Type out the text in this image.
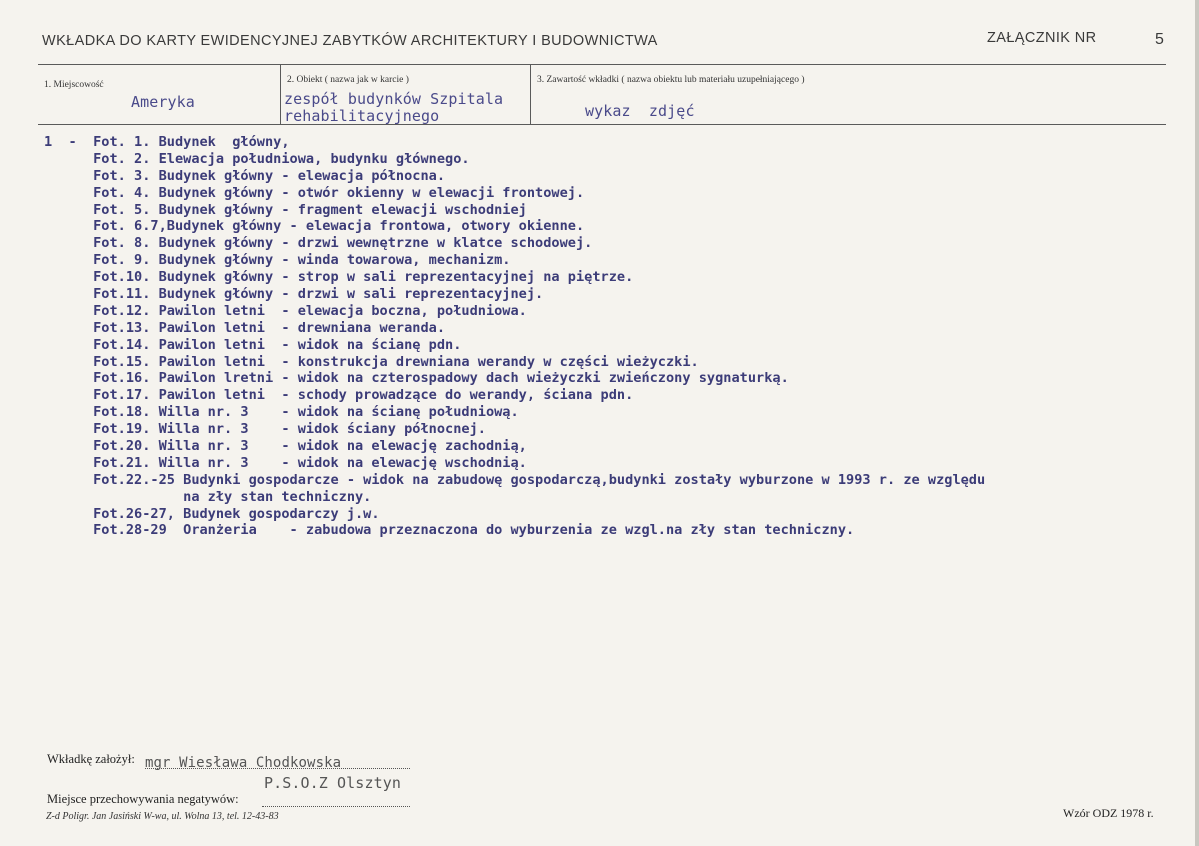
WKŁADKA DO KARTY EWIDENCYJNEJ ZABYTKÓW ARCHITEKTURY I BUDOWNICTWA	ZAŁĄCZNIK NR	5
1. Miejscowość
Ameryka
2. Obiekt ( nazwa jak w karcie )
zespół budynków Szpitala
rehabilitacyjnego
3. Zawartość wkładki ( nazwa obiektu lub materiału uzupełniającego )
wykaz  zdjęć
1  -  Fot. 1. Budynek  główny,
Fot. 2. Elewacja południowa, budynku głównego.
Fot. 3. Budynek główny - elewacja północna.
Fot. 4. Budynek główny - otwór okienny w elewacji frontowej.
Fot. 5. Budynek główny - fragment elewacji wschodniej
Fot. 6.7,Budynek główny - elewacja frontowa, otwory okienne.
Fot. 8. Budynek główny - drzwi wewnętrzne w klatce schodowej.
Fot. 9. Budynek główny - winda towarowa, mechanizm.
Fot.10. Budynek główny - strop w sali reprezentacyjnej na piętrze.
Fot.11. Budynek główny - drzwi w sali reprezentacyjnej.
Fot.12. Pawilon letni  - elewacja boczna, południowa.
Fot.13. Pawilon letni  - drewniana weranda.
Fot.14. Pawilon letni  - widok na ścianę pdn.
Fot.15. Pawilon letni  - konstrukcja drewniana werandy w części wieżyczki.
Fot.16. Pawilon lretni - widok na czterospadowy dach wieżyczki zwieńczony sygnaturką.
Fot.17. Pawilon letni  - schody prowadzące do werandy, ściana pdn.
Fot.18. Willa nr. 3    - widok na ścianę południową.
Fot.19. Willa nr. 3    - widok ściany północnej.
Fot.20. Willa nr. 3    - widok na elewację zachodnią,
Fot.21. Willa nr. 3    - widok na elewację wschodnią.
Fot.22.-25 Budynki gospodarcze - widok na zabudowę gospodarczą,budynki zostały wyburzone w 1993 r. ze względu
na zły stan techniczny.
Fot.26-27, Budynek gospodarczy j.w.
Fot.28-29  Oranżeria    - zabudowa przeznaczona do wyburzenia ze wzgl.na zły stan techniczny.
Wkładkę założył: mgr Wiesława Chodkowska
P.S.O.Z Olsztyn
Miejsce przechowywania negatywów:
Z-d Poligr. Jan Jasiński W-wa, ul. Wolna 13, tel. 12-43-83	Wzór ODZ 1978 r.
